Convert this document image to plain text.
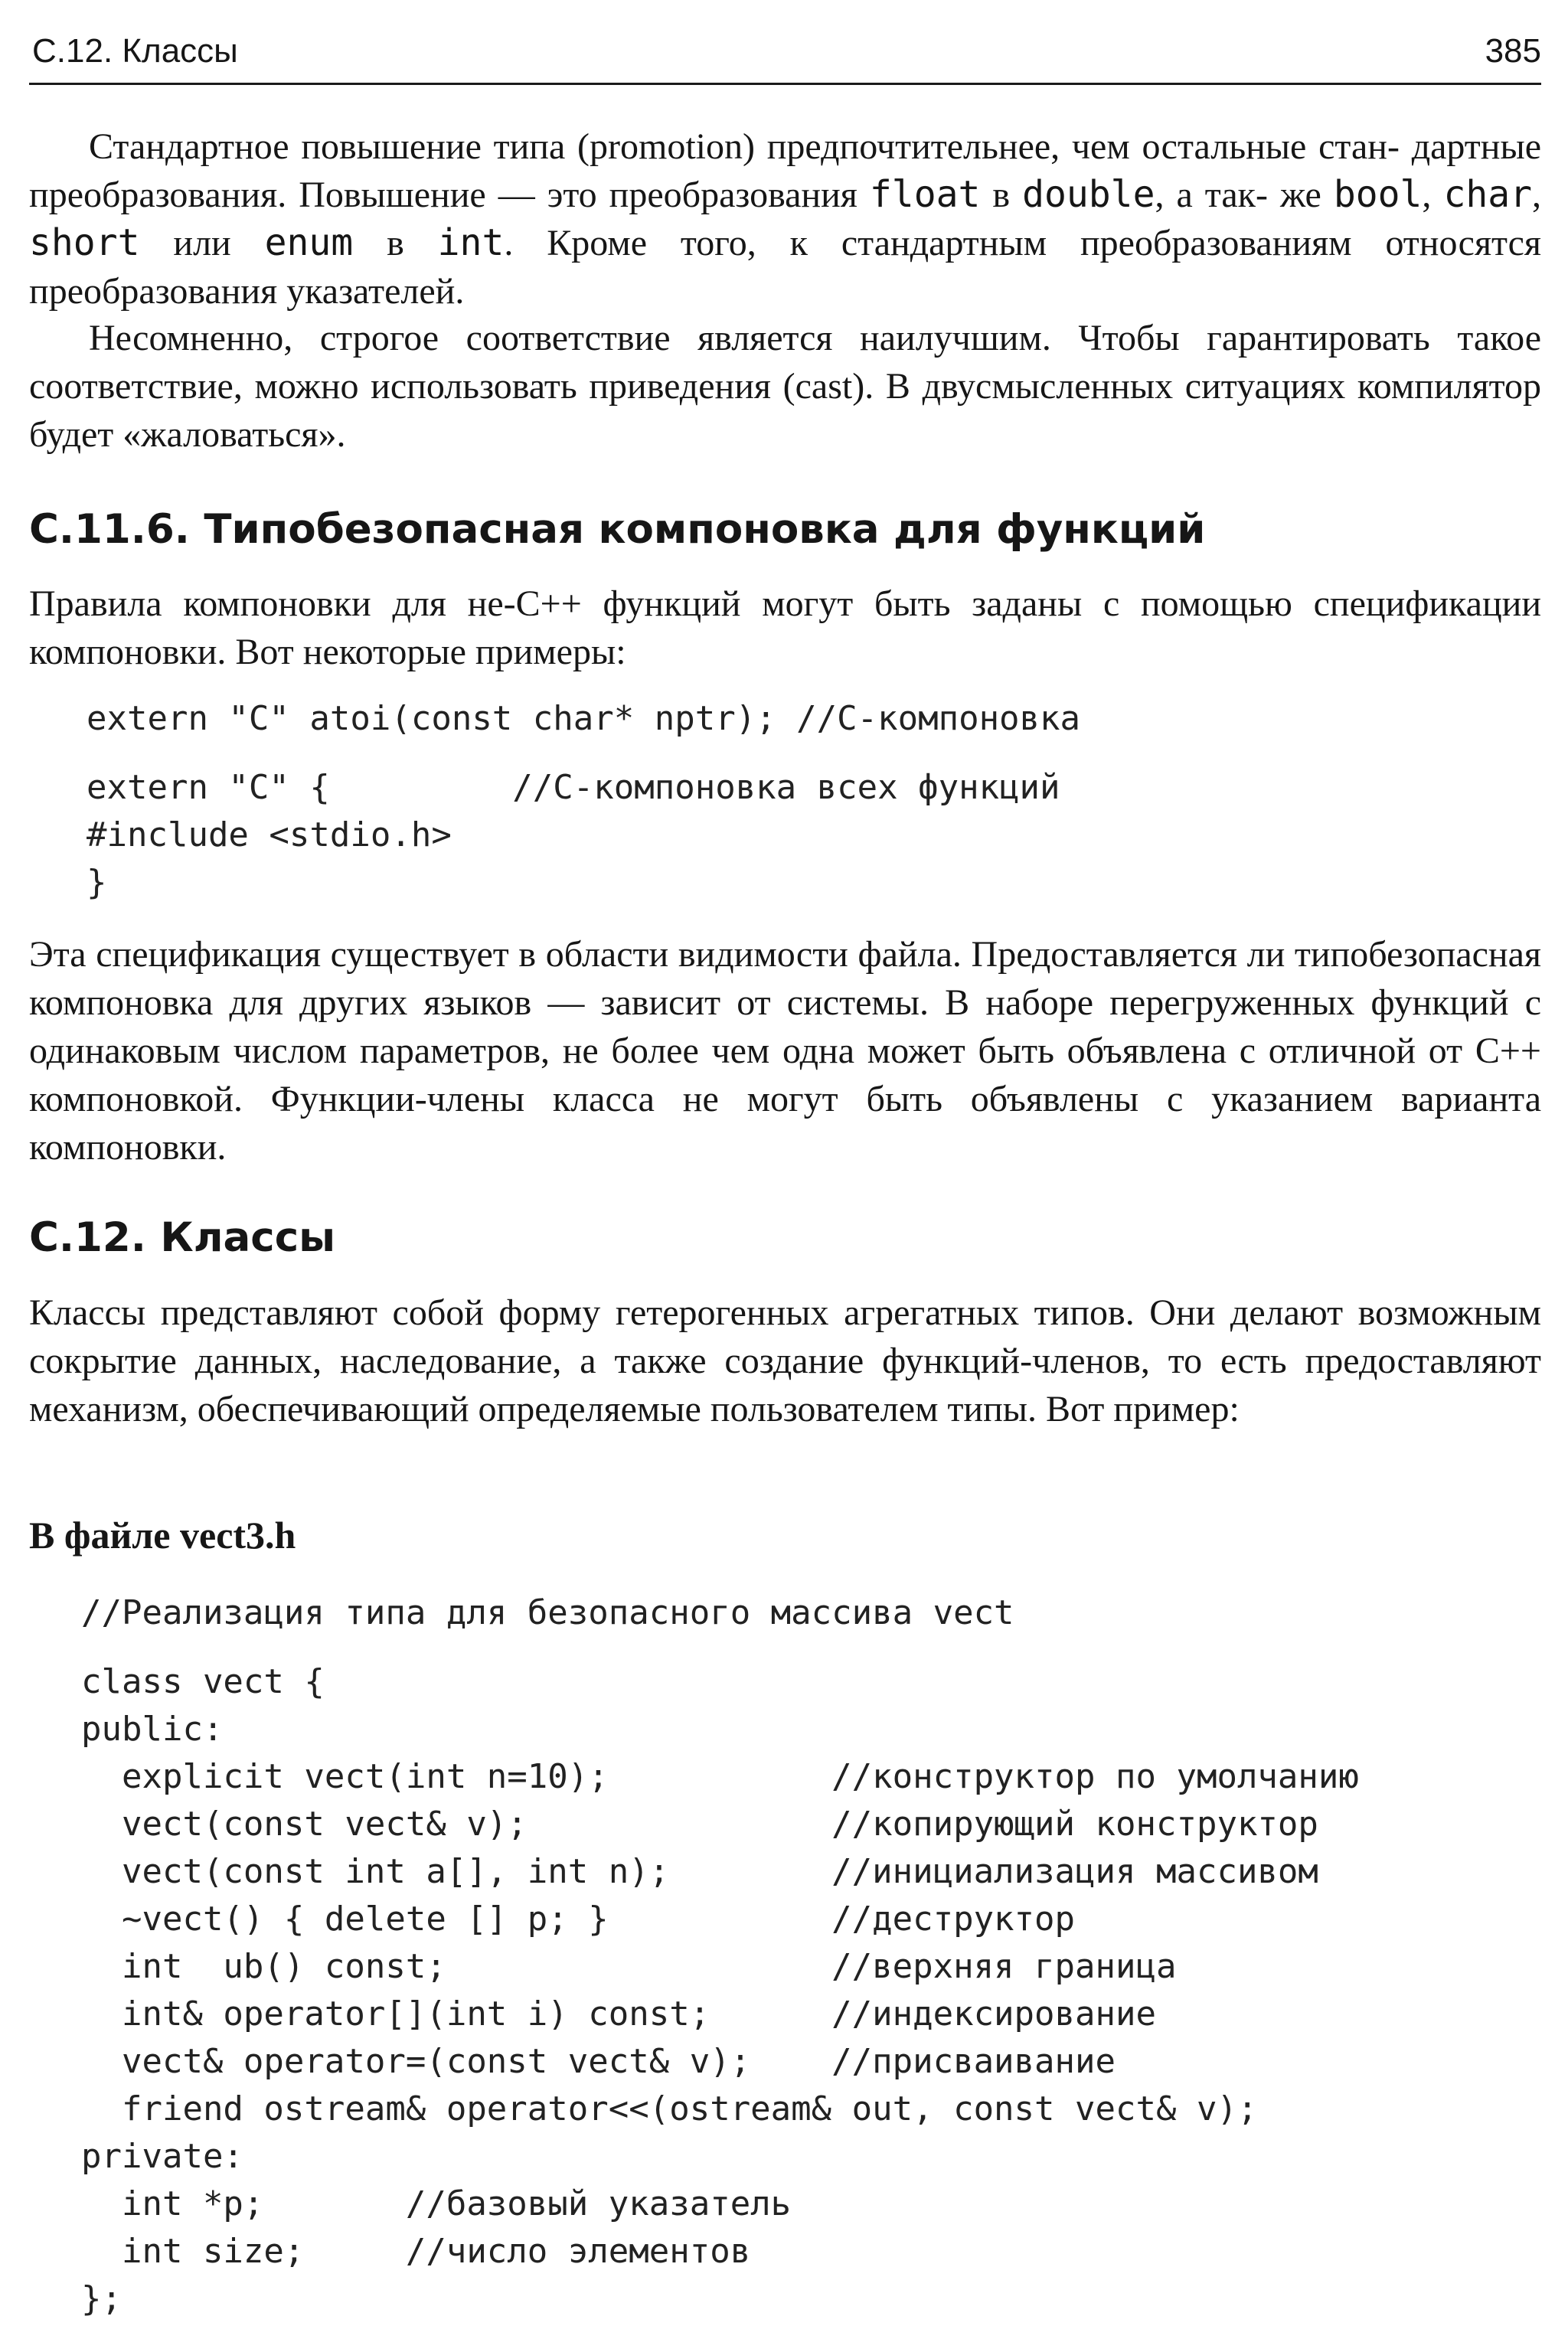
С.12. Классы	385

Стандартное повышение типа (promotion) предпочтительнее, чем остальные стан- дартные преобразования. Повышение — это преобразования float в double, а так- же bool, char, short или enum в int. Кроме того, к стандартным преобразованиям относятся преобразования указателей.

Несомненно, строгое соответствие является наилучшим. Чтобы гарантировать такое соответствие, можно использовать приведения (cast). В двусмысленных ситуациях компилятор будет «жаловаться».

С.11.6. Типобезопасная компоновка для функций

Правила компоновки для не-С++ функций могут быть заданы с помощью спецификации компоновки. Вот некоторые примеры:

extern "C" atoi(const char* nptr); //C-компоновка
extern "C" {         //C-компоновка всех функций
#include <stdio.h>
}

Эта спецификация существует в области видимости файла. Предоставляется ли типобезопасная компоновка для других языков — зависит от системы. В наборе перегруженных функций с одинаковым числом параметров, не более чем одна может быть объявлена с отличной от С++ компоновкой. Функции-члены класса не могут быть объявлены с указанием варианта компоновки.

С.12. Классы

Классы представляют собой форму гетерогенных агрегатных типов. Они делают возможным сокрытие данных, наследование, а также создание функций-членов, то есть предоставляют механизм, обеспечивающий определяемые пользователем типы. Вот пример:

В файле vect3.h
//Реализация типа для безопасного массива vect
class vect {
public:
explicit vect(int n=10);           //конструктор по умолчанию
vect(const vect& v);               //копирующий конструктор
vect(const int a[], int n);        //инициализация массивом
~vect() { delete [] p; }           //деструктор
int  ub() const;                   //верхняя граница
int& operator[](int i) const;      //индексирование
vect& operator=(const vect& v);    //присваивание
friend ostream& operator<<(ostream& out, const vect& v);
private:
int *p;       //базовый указатель
int size;     //число элементов
};
